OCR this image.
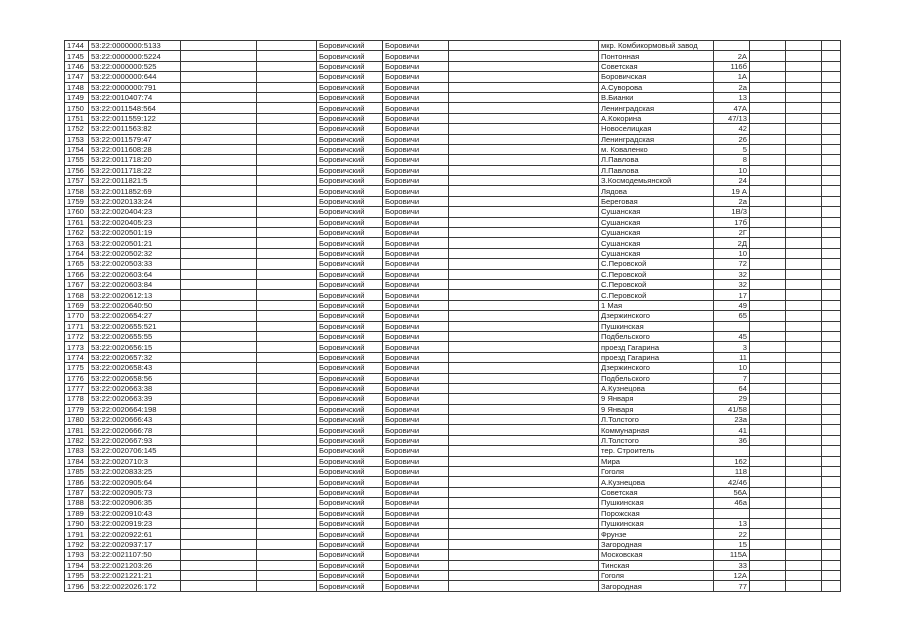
1744	53:22:0000000:5133			Боровичский	Боровичи		мкр. Комбикормовый завод				
1745	53:22:0000000:5224			Боровичский	Боровичи		Понтонная	2А			
1746	53:22:0000000:525			Боровичский	Боровичи		Советская	116б			
1747	53:22:0000000:644			Боровичский	Боровичи		Боровичская	1А			
1748	53:22:0000000:791			Боровичский	Боровичи		А.Суворова	2а			
1749	53:22:0010407:74			Боровичский	Боровичи		В.Бианки	13			
1750	53:22:0011548:564			Боровичский	Боровичи		Ленинградская	47А			
1751	53:22:0011559:122			Боровичский	Боровичи		А.Кокорина	47/13			
1752	53:22:0011563:82			Боровичский	Боровичи		Новоселицкая	42			
1753	53:22:0011579:47			Боровичский	Боровичи		Ленинградская	26			
1754	53:22:0011608:28			Боровичский	Боровичи		м. Коваленко	5			
1755	53:22:0011718:20			Боровичский	Боровичи		Л.Павлова	8			
1756	53:22:0011718:22			Боровичский	Боровичи		Л.Павлова	10			
1757	53:22:0011821:5			Боровичский	Боровичи		З.Космодемьянской	24			
1758	53:22:0011852:69			Боровичский	Боровичи		Лядова	19 А			
1759	53:22:0020133:24			Боровичский	Боровичи		Береговая	2а			
1760	53:22:0020404:23			Боровичский	Боровичи		Сушанская	1В/3			
1761	53:22:0020405:23			Боровичский	Боровичи		Сушанская	17б			
1762	53:22:0020501:19			Боровичский	Боровичи		Сушанская	2Г			
1763	53:22:0020501:21			Боровичский	Боровичи		Сушанская	2Д			
1764	53:22:0020502:32			Боровичский	Боровичи		Сушанская	10			
1765	53:22:0020503:33			Боровичский	Боровичи		С.Перовской	72			
1766	53:22:0020603:64			Боровичский	Боровичи		С.Перовской	32			
1767	53:22:0020603:84			Боровичский	Боровичи		С.Перовской	32			
1768	53:22:0020612:13			Боровичский	Боровичи		С.Перовской	17			
1769	53:22:0020640:50			Боровичский	Боровичи		1 Мая	49			
1770	53:22:0020654:27			Боровичский	Боровичи		Дзержинского	65			
1771	53:22:0020655:521			Боровичский	Боровичи		Пушкинская				
1772	53:22:0020655:55			Боровичский	Боровичи		Подбельского	45			
1773	53:22:0020656:15			Боровичский	Боровичи		проезд Гагарина	3			
1774	53:22:0020657:32			Боровичский	Боровичи		проезд Гагарина	11			
1775	53:22:0020658:43			Боровичский	Боровичи		Дзержинского	10			
1776	53:22:0020658:56			Боровичский	Боровичи		Подбельского	7			
1777	53:22:0020663:38			Боровичский	Боровичи		А.Кузнецова	64			
1778	53:22:0020663:39			Боровичский	Боровичи		9 Января	29			
1779	53:22:0020664:198			Боровичский	Боровичи		9 Января	41/58			
1780	53:22:0020666:43			Боровичский	Боровичи		Л.Толстого	23а			
1781	53:22:0020666:78			Боровичский	Боровичи		Коммунарная	41			
1782	53:22:0020667:93			Боровичский	Боровичи		Л.Толстого	36			
1783	53:22:0020706:145			Боровичский	Боровичи		тер. Строитель				
1784	53:22:0020710:3			Боровичский	Боровичи		Мира	162			
1785	53:22:0020833:25			Боровичский	Боровичи		Гоголя	118			
1786	53:22:0020905:64			Боровичский	Боровичи		А.Кузнецова	42/46			
1787	53:22:0020905:73			Боровичский	Боровичи		Советская	56А			
1788	53:22:0020906:35			Боровичский	Боровичи		Пушкинская	46а			
1789	53:22:0020910:43			Боровичский	Боровичи		Порожская				
1790	53:22:0020919:23			Боровичский	Боровичи		Пушкинская	13			
1791	53:22:0020922:61			Боровичский	Боровичи		Фрунзе	22			
1792	53:22:0020937:17			Боровичский	Боровичи		Загородная	15			
1793	53:22:0021107:50			Боровичский	Боровичи		Московская	115А			
1794	53:22:0021203:26			Боровичский	Боровичи		Тинская	33			
1795	53:22:0021221:21			Боровичский	Боровичи		Гоголя	12А			
1796	53:22:0022026:172			Боровичский	Боровичи		Загородная	77			
